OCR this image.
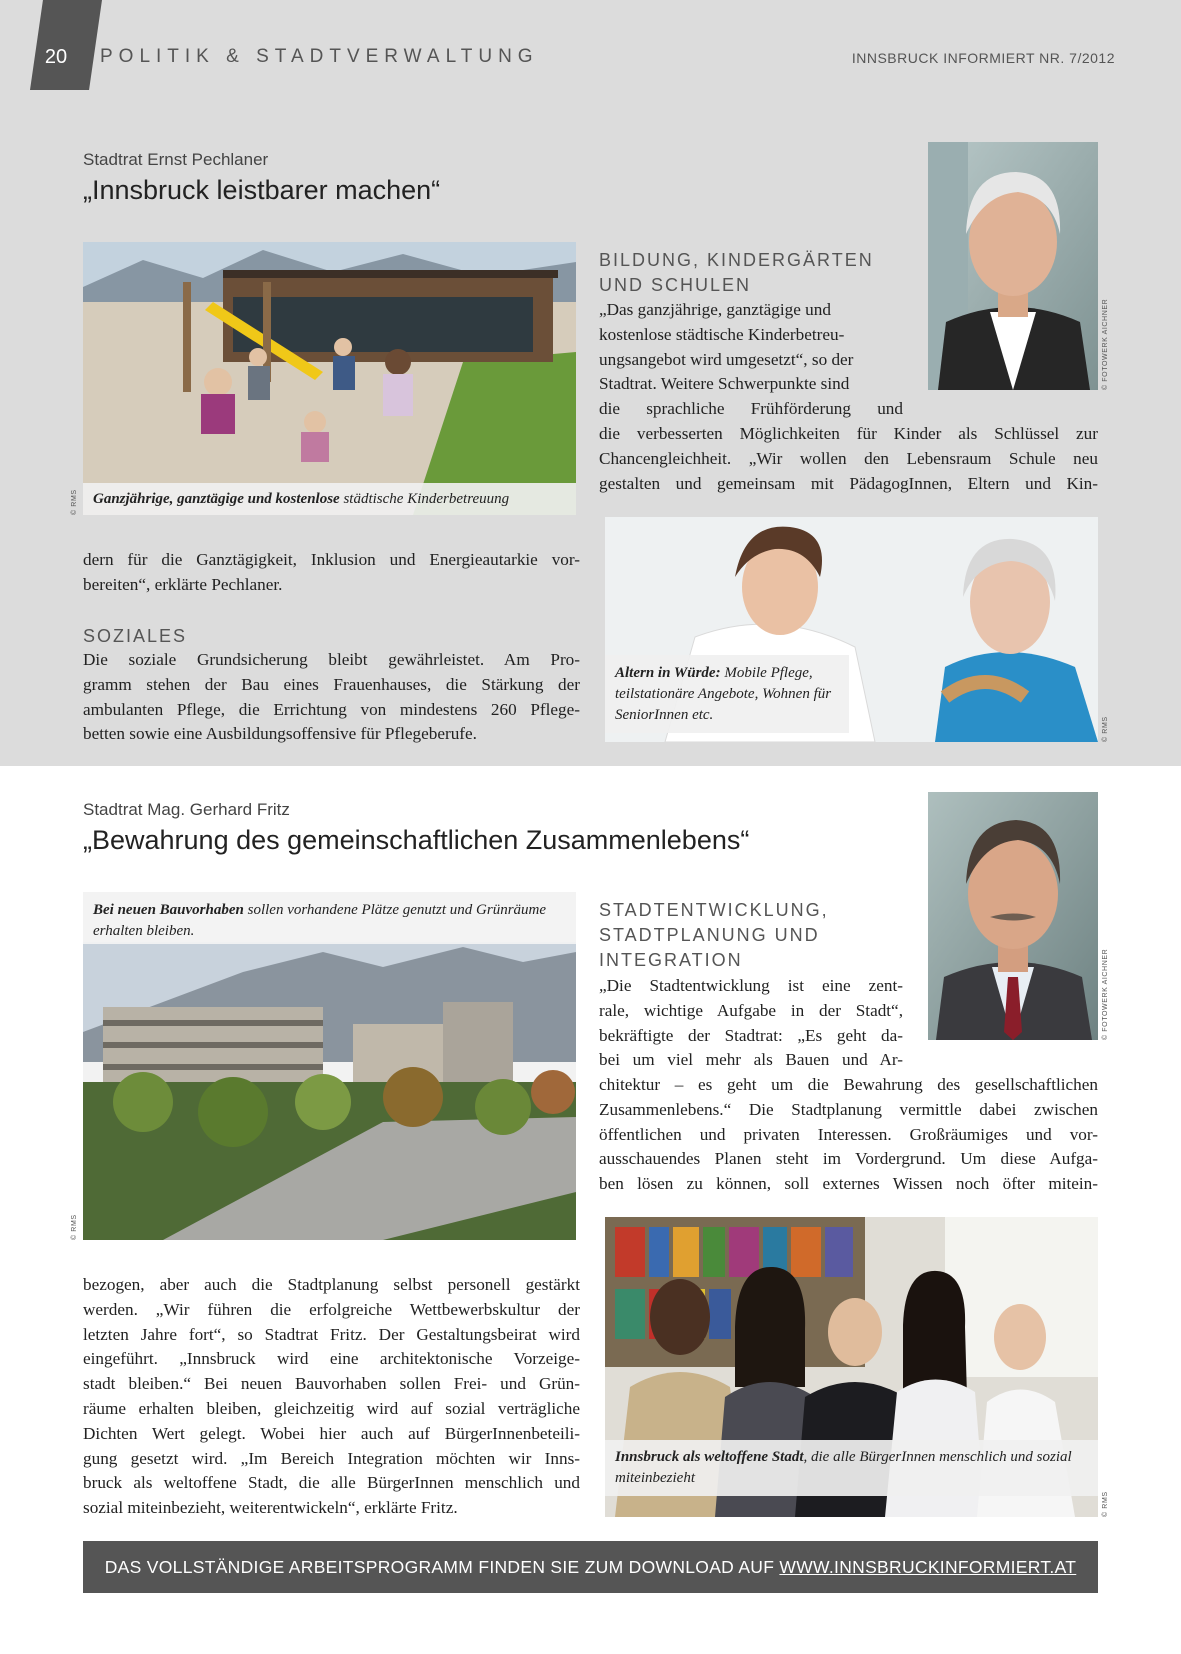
20	POLITIK & STADTVERWALTUNG	INNSBRUCK INFORMIERT NR. 7/2012
Stadtrat Ernst Pechlaner
„Innsbruck leistbarer machen“
© FOTOWERK AICHNER
Ganzjährige, ganztägige und kostenlose städtische Kinderbetreuung
© RMS
BILDUNG, KINDERGÄRTEN
UND SCHULEN
„Das ganzjährige, ganztägige und
kostenlose städtische Kinderbetreu-
ungsangebot wird umgesetzt“, so der
Stadtrat. Weitere Schwerpunkte sind
die sprachliche Frühförderung und
die verbesserten Möglichkeiten für Kinder als Schlüssel zur
Chancengleichheit. „Wir wollen den Lebensraum Schule neu
gestalten und gemeinsam mit PädagogInnen, Eltern und Kin-
Altern in Würde: Mobile Pflege, teilstationäre Angebote, Wohnen für SeniorInnen etc.
© RMS
dern für die Ganztägigkeit, Inklusion und Energieautarkie vor-
bereiten“, erklärte Pechlaner.
SOZIALES
Die soziale Grundsicherung bleibt gewährleistet. Am Pro-
gramm stehen der Bau eines Frauenhauses, die Stärkung der
ambulanten Pflege, die Errichtung von mindestens 260 Pflege-
betten sowie eine Ausbildungsoffensive für Pflegeberufe.
Stadtrat Mag. Gerhard Fritz
„Bewahrung des gemeinschaftlichen Zusammenlebens“
© FOTOWERK AICHNER
Bei neuen Bauvorhaben sollen vorhandene Plätze genutzt und Grünräume erhalten bleiben.
© RMS
STADTENTWICKLUNG,
STADTPLANUNG UND
INTEGRATION
„Die Stadtentwicklung ist eine zent-
rale, wichtige Aufgabe in der Stadt“,
bekräftigte der Stadtrat: „Es geht da-
bei um viel mehr als Bauen und Ar-
chitektur – es geht um die Bewahrung des gesellschaftlichen
Zusammenlebens.“ Die Stadtplanung vermittle dabei zwischen
öffentlichen und privaten Interessen. Großräumiges und vor-
ausschauendes Planen steht im Vordergrund. Um diese Aufga-
ben lösen zu können, soll externes Wissen noch öfter mitein-
Innsbruck als weltoffene Stadt, die alle BürgerInnen menschlich und sozial miteinbezieht
© RMS
bezogen, aber auch die Stadtplanung selbst personell gestärkt
werden. „Wir führen die erfolgreiche Wettbewerbskultur der
letzten Jahre fort“, so Stadtrat Fritz. Der Gestaltungsbeirat wird
eingeführt. „Innsbruck wird eine architektonische Vorzeige-
stadt bleiben.“ Bei neuen Bauvorhaben sollen Frei- und Grün-
räume erhalten bleiben, gleichzeitig wird auf sozial verträgliche
Dichten Wert gelegt. Wobei hier auch auf BürgerInnenbeteili-
gung gesetzt wird. „Im Bereich Integration möchten wir Inns-
bruck als weltoffene Stadt, die alle BürgerInnen menschlich und
sozial miteinbezieht, weiterentwickeln“, erklärte Fritz.
DAS VOLLSTÄNDIGE ARBEITSPROGRAMM FINDEN SIE ZUM DOWNLOAD AUF WWW.INNSBRUCKINFORMIERT.AT
